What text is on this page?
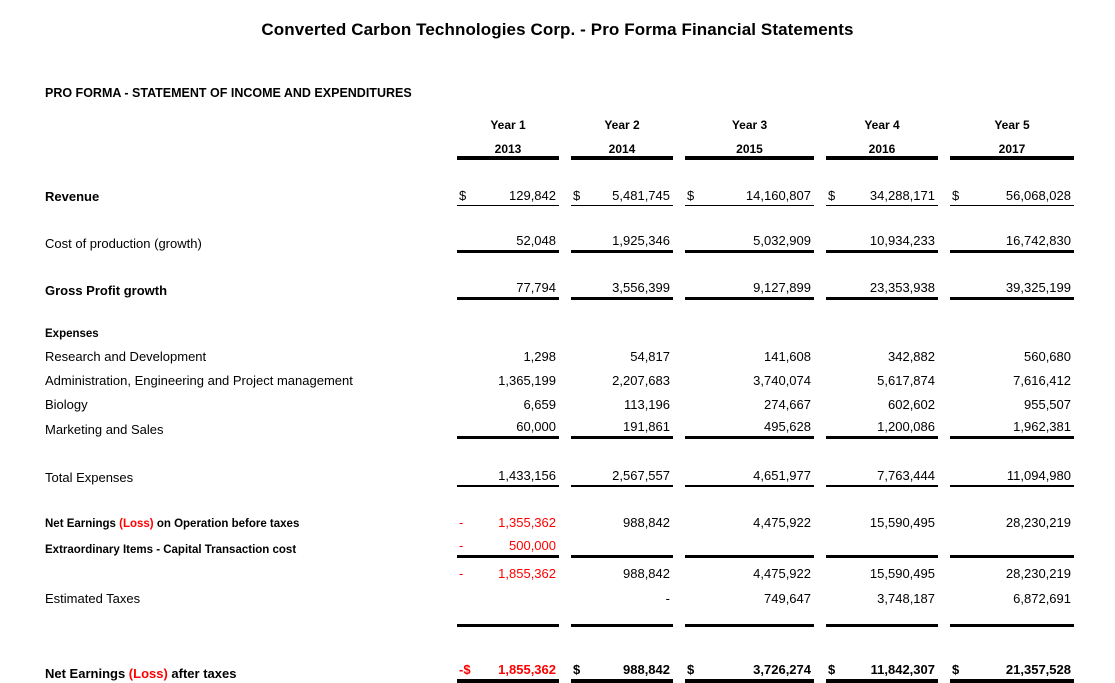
Converted Carbon Technologies Corp. - Pro Forma Financial Statements
PRO FORMA - STATEMENT OF INCOME AND EXPENDITURES
	Year 1	Year 2	Year 3	Year 4	Year 5
	2013	2014	2015	2016	2017

Revenue	$ 129,842	$ 5,481,745	$ 14,160,807	$ 34,288,171	$ 56,068,028

Cost of production (growth)	52,048	1,925,346	5,032,909	10,934,233	16,742,830

Gross Profit growth	77,794	3,556,399	9,127,899	23,353,938	39,325,199

Expenses					
Research and Development	1,298	54,817	141,608	342,882	560,680

Administration, Engineering and Project management	1,365,199	2,207,683	3,740,074	5,617,874	7,616,412

Biology	6,659	113,196	274,667	602,602	955,507

Marketing and Sales	60,000	191,861	495,628	1,200,086	1,962,381

Total Expenses	1,433,156	2,567,557	4,651,977	7,763,444	11,094,980

Net Earnings (Loss) on Operation before taxes	- 1,355,362	988,842	4,475,922	15,590,495	28,230,219

Extraordinary Items - Capital Transaction cost	- 500,000				

	- 1,855,362	988,842	4,475,922	15,590,495	28,230,219

Estimated Taxes		-	749,647	3,748,187	6,872,691

Net Earnings (Loss) after taxes	-$ 1,855,362	$ 988,842	$ 3,726,274	$ 11,842,307	$ 21,357,528
